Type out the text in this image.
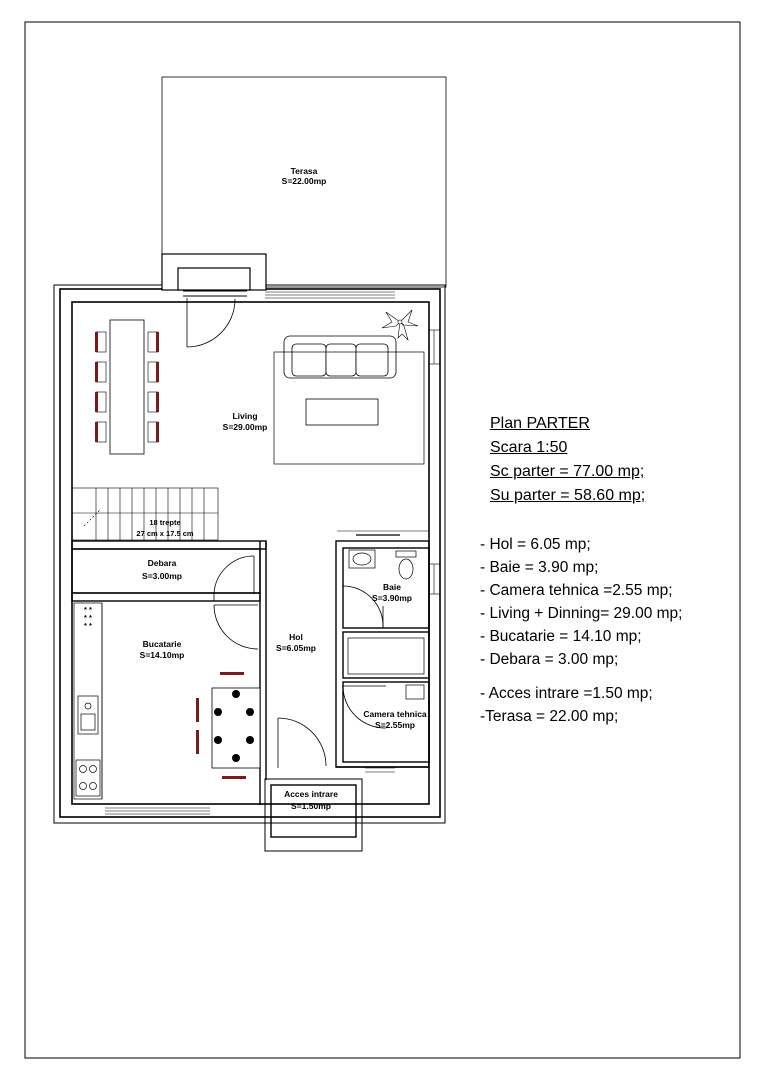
* *
* *
* *
Terasa
S=22.00mp
Living
S=29.00mp
18 trepte
27 cm x 17.5 cm
Debara
S=3.00mp
Bucatarie
S=14.10mp
Hol
S=6.05mp
Baie
S=3.90mp
Camera tehnica
S=2.55mp
Acces intrare
S=1.50mp
Plan PARTER
Scara 1:50
Sc parter = 77.00 mp;
Su parter = 58.60 mp;
- Hol = 6.05 mp;
- Baie = 3.90 mp;
- Camera tehnica =2.55 mp;
- Living + Dinning= 29.00 mp;
- Bucatarie = 14.10 mp;
- Debara = 3.00 mp;
- Acces intrare =1.50 mp;
-Terasa = 22.00 mp;
